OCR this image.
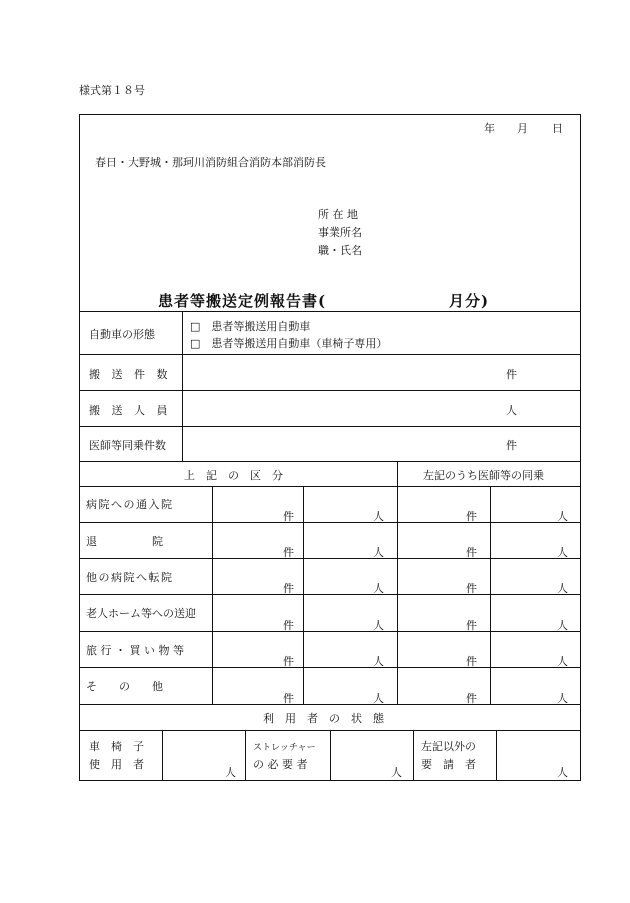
様式第１８号
年 月 日
春日・大野城・那珂川消防組合消防本部消防長
所 在 地
事業所名
職・氏名
患者等搬送定例報告書(	月分)
自動車の形態
□　患者等搬送用自動車
□　患者等搬送用自動車（車椅子専用）
搬 送 件 数	件
搬 送 人 員	人
医師等同乗件数	件
上　記　の　区　分	左記のうち医師等の同乗
病院への通入院
件	人	件	人
退　　　　　院
件	人	件	人
他の病院へ転院
件	人	件	人
老人ホーム等への送迎
件	人	件	人
旅 行 ・ 買 い 物 等
件	人	件	人
そ　　の　　他
件	人	件	人
利　用　者　の　状　態
車　椅　子
使　用　者
人
ストレッチャー
の 必 要 者
人
左記以外の
要　請　者
人
